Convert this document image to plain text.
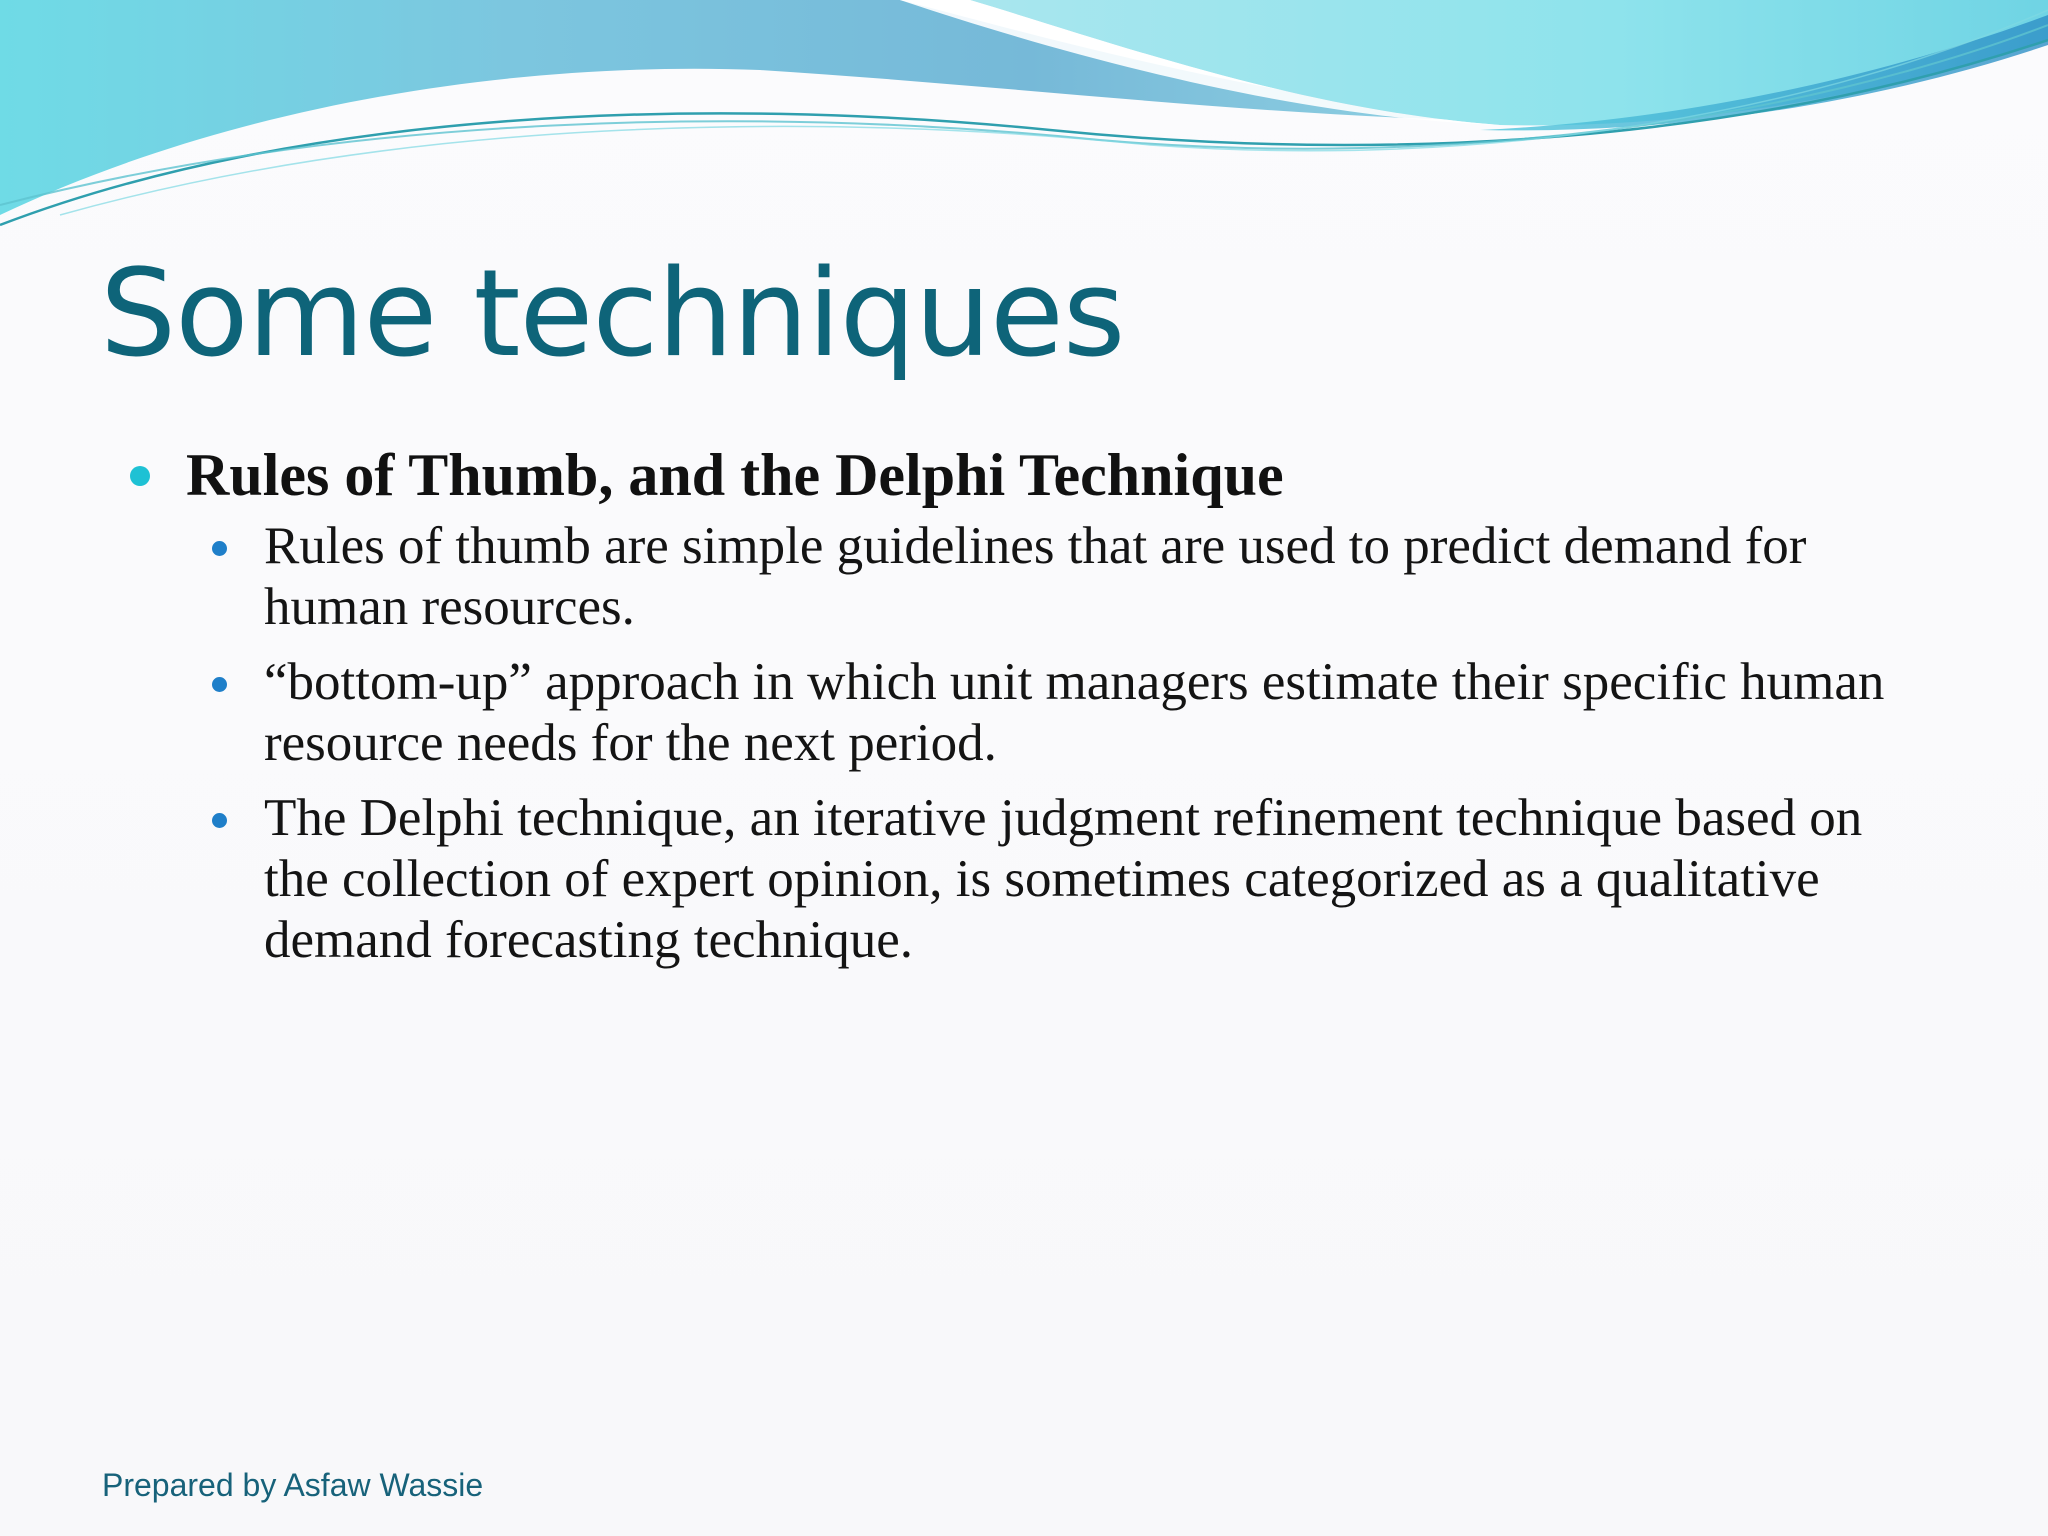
Some techniques
Rules of Thumb, and the Delphi Technique
Rules of thumb are simple guidelines that are used to predict demand for human resources.
“bottom-up” approach in which unit managers estimate their specific human resource needs for the next period.
The Delphi technique, an iterative judgment refinement technique based on the collection of expert opinion, is sometimes categorized as a qualitative demand forecasting technique.
Prepared by Asfaw Wassie
